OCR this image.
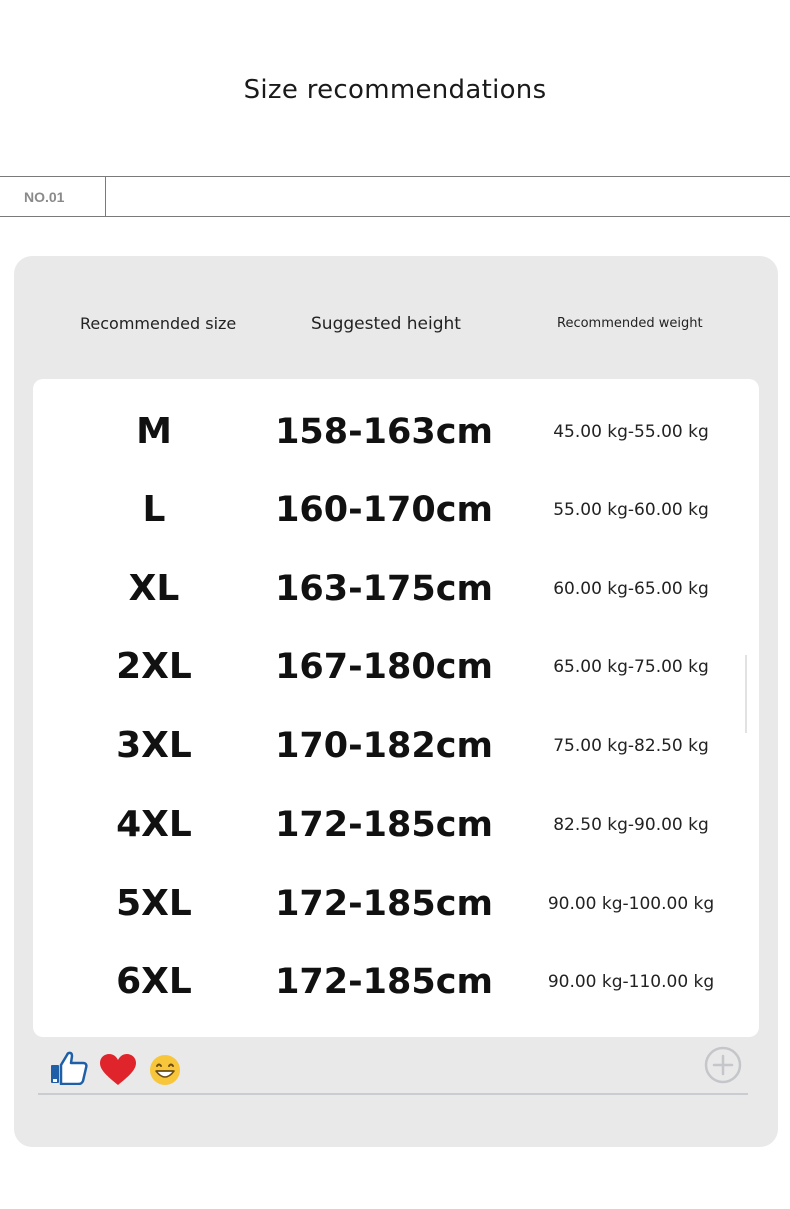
Size recommendations
NO.01
Recommended size	Suggested height	Recommended weight
M	158-163cm	45.00 kg-55.00 kg
L	160-170cm	55.00 kg-60.00 kg
XL	163-175cm	60.00 kg-65.00 kg
2XL	167-180cm	65.00 kg-75.00 kg
3XL	170-182cm	75.00 kg-82.50 kg
4XL	172-185cm	82.50 kg-90.00 kg
5XL	172-185cm	90.00 kg-100.00 kg
6XL	172-185cm	90.00 kg-110.00 kg
